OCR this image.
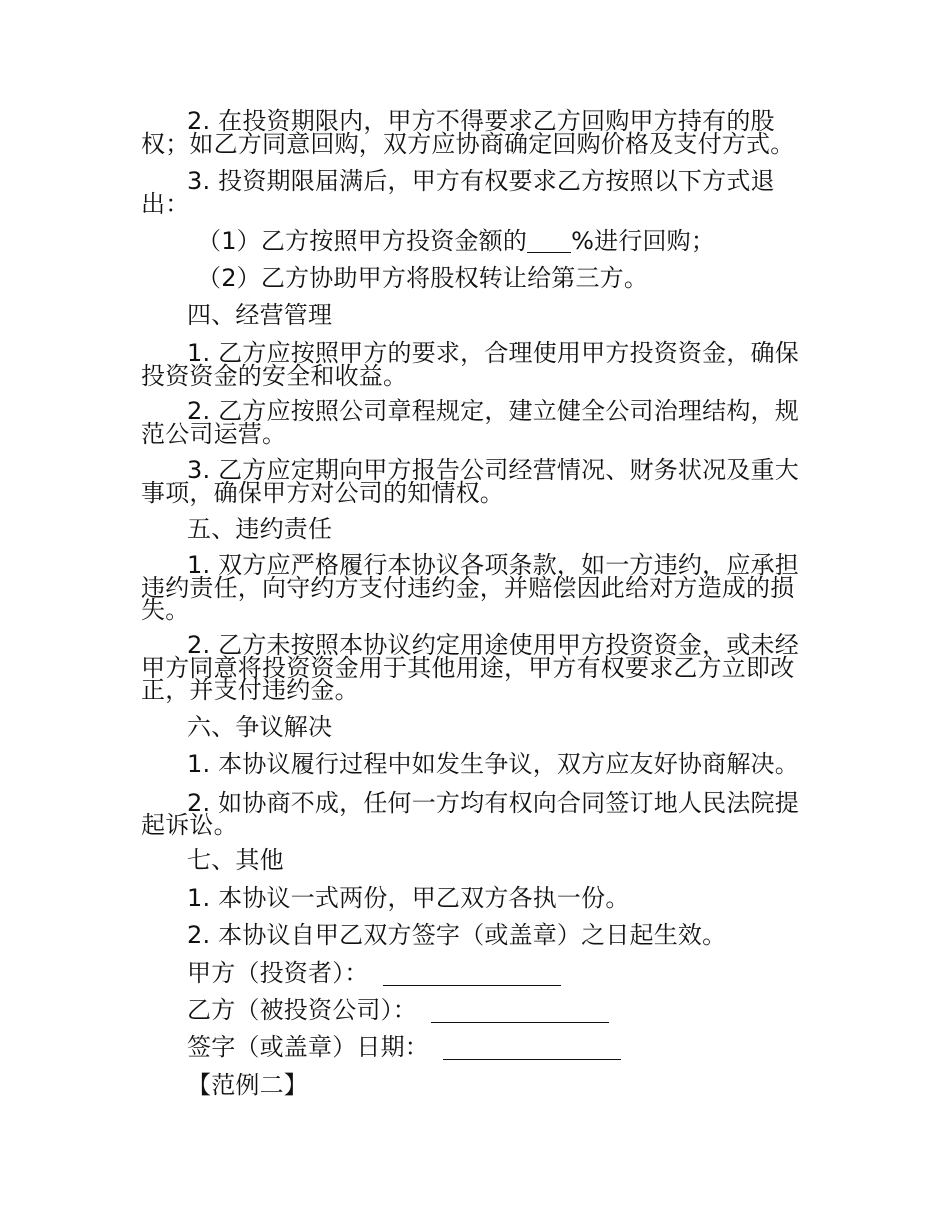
2. 在投资期限内，甲方不得要求乙方回购甲方持有的股
权；如乙方同意回购，双方应协商确定回购价格及支付方式。
3. 投资期限届满后，甲方有权要求乙方按照以下方式退
出：
（1）乙方按照甲方投资金额的 %进行回购；
（2）乙方协助甲方将股权转让给第三方。
四、经营管理
1. 乙方应按照甲方的要求，合理使用甲方投资资金，确保
投资资金的安全和收益。
2. 乙方应按照公司章程规定，建立健全公司治理结构，规
范公司运营。
3. 乙方应定期向甲方报告公司经营情况、财务状况及重大
事项，确保甲方对公司的知情权。
五、违约责任
1. 双方应严格履行本协议各项条款，如一方违约，应承担
违约责任，向守约方支付违约金，并赔偿因此给对方造成的损
失。
2. 乙方未按照本协议约定用途使用甲方投资资金，或未经
甲方同意将投资资金用于其他用途，甲方有权要求乙方立即改
正，并支付违约金。
六、争议解决
1. 本协议履行过程中如发生争议，双方应友好协商解决。
2. 如协商不成，任何一方均有权向合同签订地人民法院提
起诉讼。
七、其他
1. 本协议一式两份，甲乙双方各执一份。
2. 本协议自甲乙双方签字（或盖章）之日起生效。
甲方（投资者）：
乙方（被投资公司）：
签字（或盖章）日期：
【范例二】
